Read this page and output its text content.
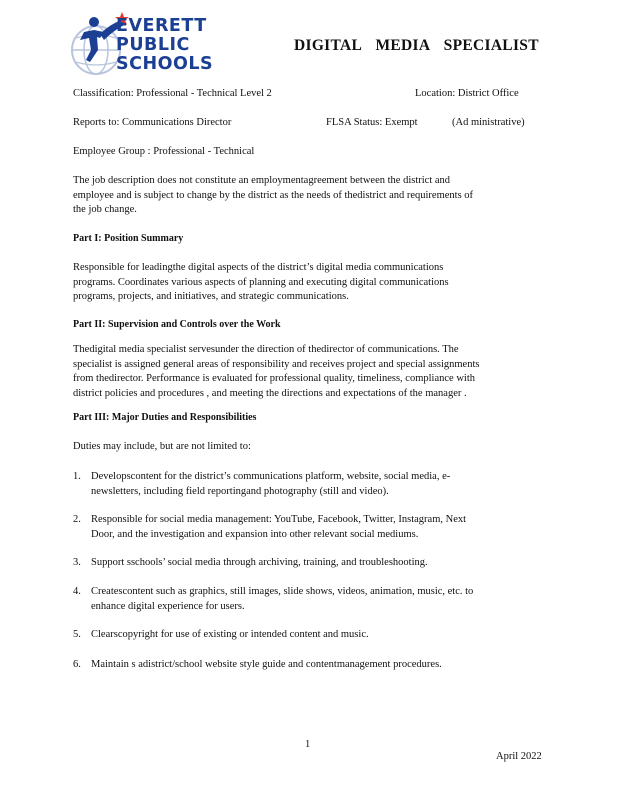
EVERETT
PUBLIC
SCHOOLS
DIGITAL MEDIA SPECIALIST
Classification: Professional - Technical Level 2	Location: District Office
Reports to: Communications Director	FLSA Status: Exempt	(Ad ministrative)
Employee Group : Professional - Technical
The job description does not constitute an employmentagreement between the district and
employee and is subject to change by the district as the needs of thedistrict and requirements of
the job change.
Part I: Position Summary
Responsible for leadingthe digital aspects of the district’s digital media communications
programs. Coordinates various aspects of planning and executing digital communications
programs, projects, and initiatives, and strategic communications.
Part II: Supervision and Controls over the Work
Thedigital media specialist servesunder the direction of thedirector of communications. The
specialist is assigned general areas of responsibility and receives project and special assignments
from thedirector. Performance is evaluated for professional quality, timeliness, compliance with
district policies and procedures , and meeting the directions and expectations of the manager .
Part III: Major Duties and Responsibilities
Duties may include, but are not limited to:
1. Developscontent for the district’s communications platform, website, social media, e-
newsletters, including field reportingand photography (still and video).
2. Responsible for social media management: YouTube, Facebook, Twitter, Instagram, Next
Door, and the investigation and expansion into other relevant social mediums.
3. Support sschools’ social media through archiving, training, and troubleshooting.
4. Createscontent such as graphics, still images, slide shows, videos, animation, music, etc. to
enhance digital experience for users.
5. Clearscopyright for use of existing or intended content and music.
6. Maintain s adistrict/school website style guide and contentmanagement procedures.
1
April 2022
